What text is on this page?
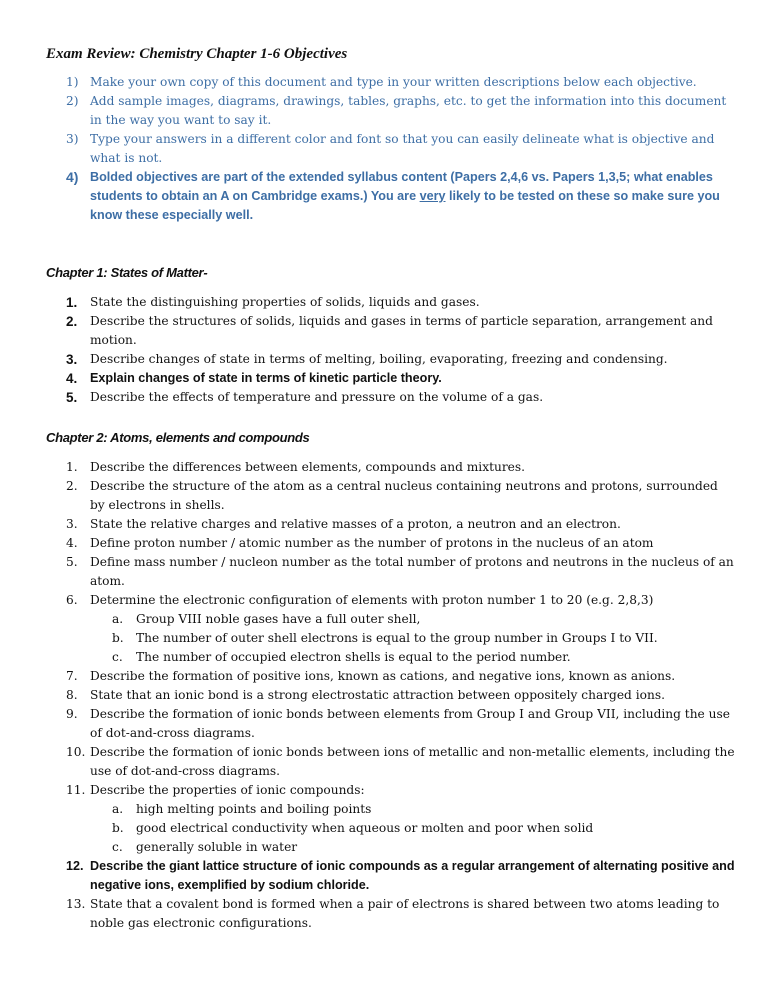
Exam Review: Chemistry Chapter 1-6 Objectives
1) Make your own copy of this document and type in your written descriptions below each objective.
2) Add sample images, diagrams, drawings, tables, graphs, etc. to get the information into this document in the way you want to say it.
3) Type your answers in a different color and font so that you can easily delineate what is objective and what is not.
4) Bolded objectives are part of the extended syllabus content (Papers 2,4,6 vs. Papers 1,3,5; what enables students to obtain an A on Cambridge exams.) You are very likely to be tested on these so make sure you know these especially well.
Chapter 1: States of Matter-
1. State the distinguishing properties of solids, liquids and gases.
2. Describe the structures of solids, liquids and gases in terms of particle separation, arrangement and motion.
3. Describe changes of state in terms of melting, boiling, evaporating, freezing and condensing.
4. Explain changes of state in terms of kinetic particle theory.
5. Describe the effects of temperature and pressure on the volume of a gas.
Chapter 2: Atoms, elements and compounds
1. Describe the differences between elements, compounds and mixtures.
2. Describe the structure of the atom as a central nucleus containing neutrons and protons, surrounded by electrons in shells.
3. State the relative charges and relative masses of a proton, a neutron and an electron.
4. Define proton number / atomic number as the number of protons in the nucleus of an atom
5. Define mass number / nucleon number as the total number of protons and neutrons in the nucleus of an atom.
6. Determine the electronic configuration of elements with proton number 1 to 20 (e.g. 2,8,3)
a. Group VIII noble gases have a full outer shell,
b. The number of outer shell electrons is equal to the group number in Groups I to VII.
c. The number of occupied electron shells is equal to the period number.
7. Describe the formation of positive ions, known as cations, and negative ions, known as anions.
8. State that an ionic bond is a strong electrostatic attraction between oppositely charged ions.
9. Describe the formation of ionic bonds between elements from Group I and Group VII, including the use of dot-and-cross diagrams.
10. Describe the formation of ionic bonds between ions of metallic and non-metallic elements, including the use of dot-and-cross diagrams.
11. Describe the properties of ionic compounds:
a. high melting points and boiling points
b. good electrical conductivity when aqueous or molten and poor when solid
c. generally soluble in water
12. Describe the giant lattice structure of ionic compounds as a regular arrangement of alternating positive and negative ions, exemplified by sodium chloride.
13. State that a covalent bond is formed when a pair of electrons is shared between two atoms leading to noble gas electronic configurations.
